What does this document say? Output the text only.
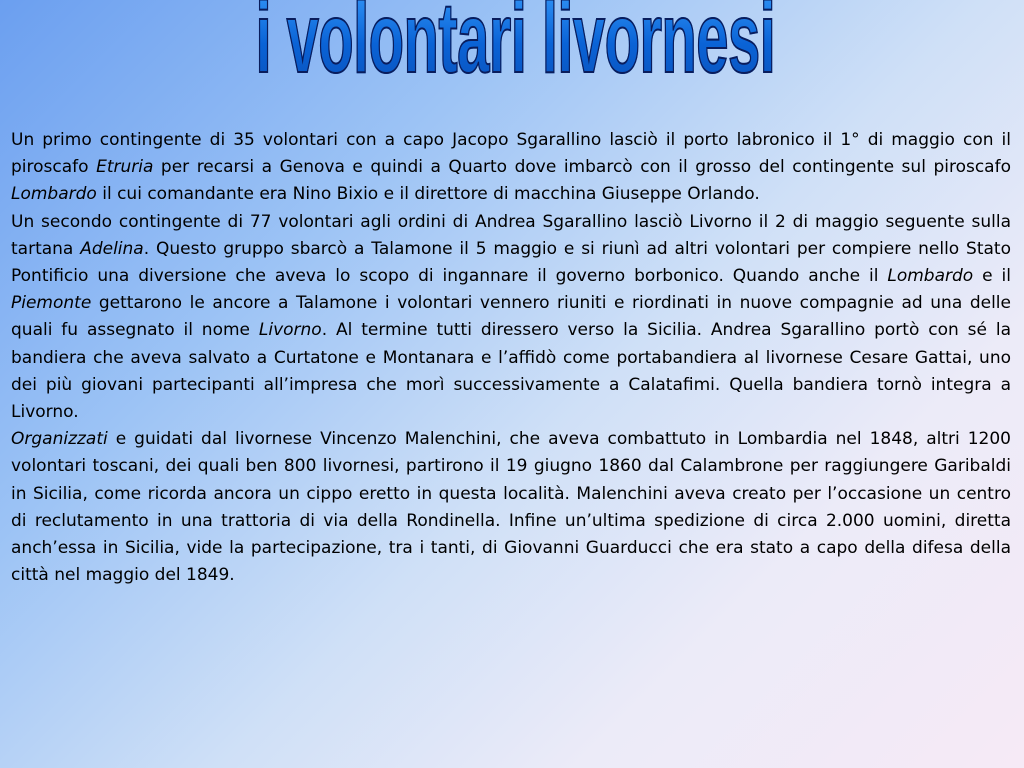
i volontari livornesi

Un primo contingente di 35 volontari con a capo Jacopo Sgarallino lasciò il porto labronico il 1° di maggio con il piroscafo Etruria per recarsi a Genova e quindi a Quarto dove imbarcò con il grosso del contingente sul piroscafo Lombardo il cui comandante era Nino Bixio e il direttore di macchina Giuseppe Orlando.

Un secondo contingente di 77 volontari agli ordini di Andrea Sgarallino lasciò Livorno il 2 di maggio seguente sulla tartana Adelina. Questo gruppo sbarcò a Talamone il 5 maggio e si riunì ad altri volontari per compiere nello Stato Pontificio una diversione che aveva lo scopo di ingannare il governo borbonico. Quando anche il Lombardo e il Piemonte gettarono le ancore a Talamone i volontari vennero riuniti e riordinati in nuove compagnie ad una delle quali fu assegnato il nome Livorno. Al termine tutti diressero verso la Sicilia. Andrea Sgarallino portò con sé la bandiera che aveva salvato a Curtatone e Montanara e l’affidò come portabandiera al livornese Cesare Gattai, uno dei più giovani partecipanti all’impresa che morì successivamente a Calatafimi. Quella bandiera tornò integra a Livorno.

Organizzati e guidati dal livornese Vincenzo Malenchini, che aveva combattuto in Lombardia nel 1848, altri 1200 volontari toscani, dei quali ben 800 livornesi, partirono il 19 giugno 1860 dal Calambrone per raggiungere Garibaldi in Sicilia, come ricorda ancora un cippo eretto in questa località. Malenchini aveva creato per l’occasione un centro di reclutamento in una trattoria di via della Rondinella. Infine un’ultima spedizione di circa 2.000 uomini, diretta anch’essa in Sicilia, vide la partecipazione, tra i tanti, di Giovanni Guarducci che era stato a capo della difesa della città nel maggio del 1849.
